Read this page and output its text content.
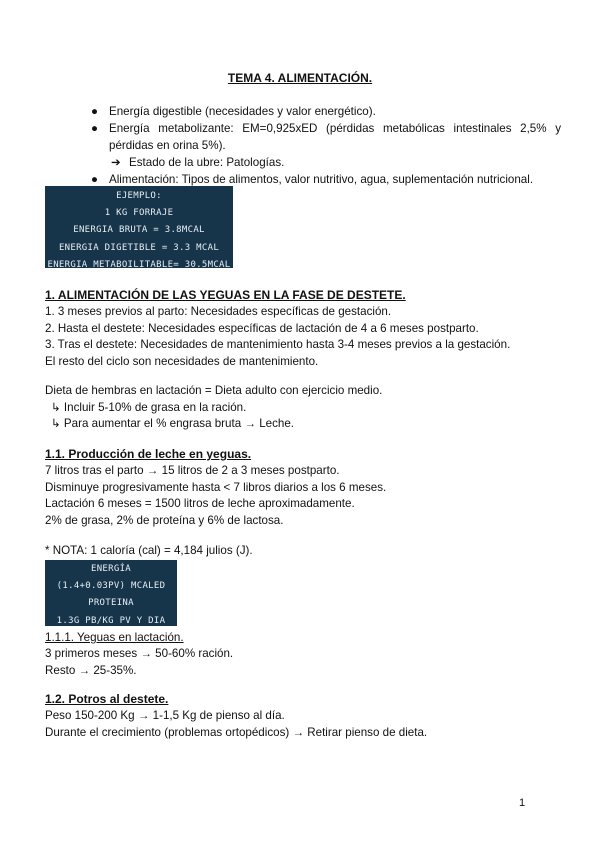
TEMA 4. ALIMENTACIÓN.
● Energía digestible (necesidades y valor energético).
● Energía metabolizante: EM=0,925xED (pérdidas metabólicas intestinales 2,5% y pérdidas en orina 5%).
➔ Estado de la ubre: Patologías.
● Alimentación: Tipos de alimentos, valor nutritivo, agua, suplementación nutricional.
EJEMPLO:
1 KG FORRAJE
ENERGIA BRUTA = 3.8MCAL
ENERGIA DIGETIBLE = 3.3 MCAL
ENERGIA METABOILITABLE= 30.5MCAL
1. ALIMENTACIÓN DE LAS YEGUAS EN LA FASE DE DESTETE.
1. 3 meses previos al parto: Necesidades específicas de gestación.
2. Hasta el destete: Necesidades específicas de lactación de 4 a 6 meses postparto.
3. Tras el destete: Necesidades de mantenimiento hasta 3-4 meses previos a la gestación.
El resto del ciclo son necesidades de mantenimiento.
Dieta de hembras en lactación = Dieta adulto con ejercicio medio.
↳ Incluir 5-10% de grasa en la ración.
↳ Para aumentar el % engrasa bruta → Leche.
1.1. Producción de leche en yeguas.
7 litros tras el parto → 15 litros de 2 a 3 meses postparto.
Disminuye progresivamente hasta < 7 libros diarios a los 6 meses.
Lactación 6 meses = 1500 litros de leche aproximadamente.
2% de grasa, 2% de proteína y 6% de lactosa.
* NOTA: 1 caloría (cal) = 4,184 julios (J).
ENERGÍA
(1.4+0.03PV) MCALED
PROTEINA
1.3G PB/KG PV Y DIA
1.1.1. Yeguas en lactación.
3 primeros meses → 50-60% ración.
Resto → 25-35%.
1.2. Potros al destete.
Peso 150-200 Kg → 1-1,5 Kg de pienso al día.
Durante el crecimiento (problemas ortopédicos) → Retirar pienso de dieta.
1
